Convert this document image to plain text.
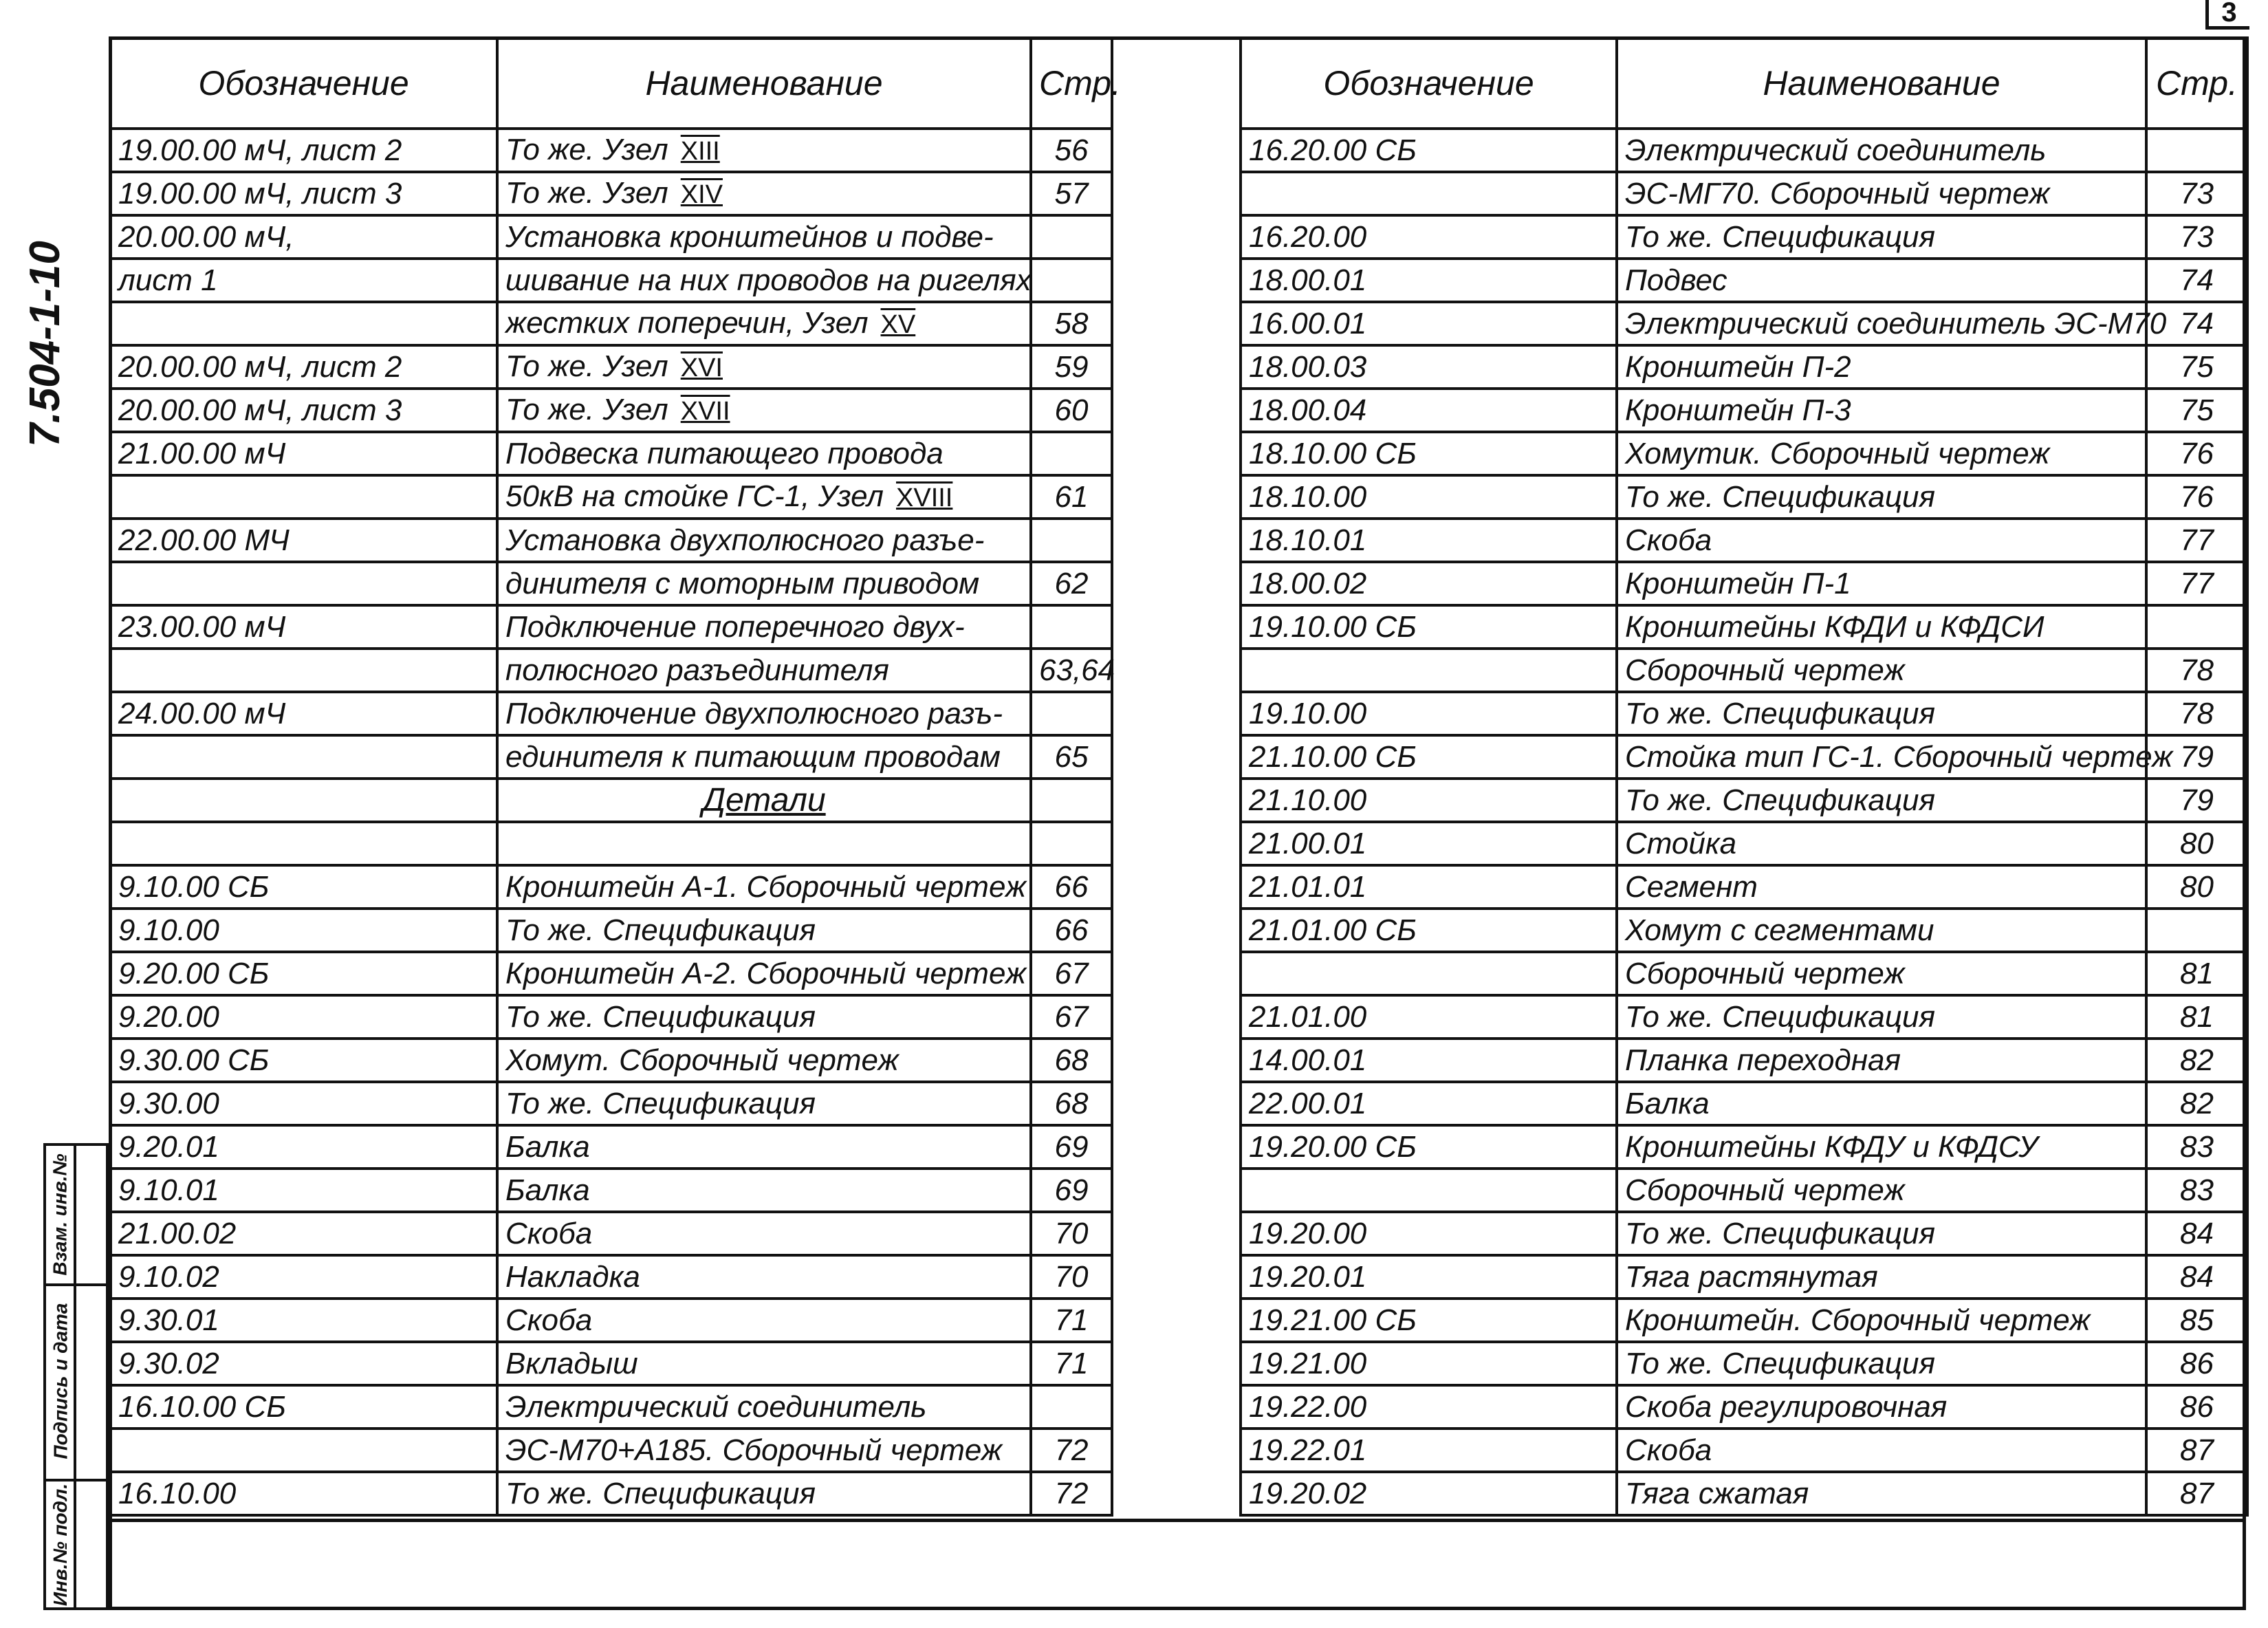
3
7.504-1-10
Взам. инв.№
Подпись и дата
Инв.№ подл.
Обозначение	Наименование	Стр.
19.00.00 мЧ, лист 2	То же. Узел XIII	56
19.00.00 мЧ, лист 3	То же. Узел XIV	57
20.00.00 мЧ,	Установка кронштейнов и подве-	
лист 1	шивание на них проводов на ригелях	
	жестких поперечин, Узел XV	58
20.00.00 мЧ, лист 2	То же. Узел XVI	59
20.00.00 мЧ, лист 3	То же. Узел XVII	60
21.00.00 мЧ	Подвеска питающего провода	
	50кВ на стойке ГС-1, Узел XVIII	61
22.00.00 МЧ	Установка двухполюсного разъе-	
	динителя с моторным приводом	62
23.00.00 мЧ	Подключение поперечного двух-	
	полюсного разъединителя	63,64
24.00.00 мЧ	Подключение двухполюсного разъ-	
	единителя к питающим проводам	65

	Детали	

9.10.00 СБ	Кронштейн А-1. Сборочный чертеж	66
9.10.00	То же. Спецификация	66
9.20.00 СБ	Кронштейн А-2. Сборочный чертеж	67
9.20.00	То же. Спецификация	67
9.30.00 СБ	Хомут. Сборочный чертеж	68
9.30.00	То же. Спецификация	68
9.20.01	Балка	69
9.10.01	Балка	69
21.00.02	Скоба	70
9.10.02	Накладка	70
9.30.01	Скоба	71
9.30.02	Вкладыш	71
16.10.00 СБ	Электрический соединитель	
	ЭС-М70+А185. Сборочный чертеж	72
16.10.00	То же. Спецификация	72
Обозначение	Наименование	Стр.
16.20.00 СБ	Электрический соединитель	
	ЭС-МГ70. Сборочный чертеж	73
16.20.00	То же. Спецификация	73
18.00.01	Подвес	74
16.00.01	Электрический соединитель ЭС-М70	74
18.00.03	Кронштейн П-2	75
18.00.04	Кронштейн П-3	75
18.10.00 СБ	Хомутик. Сборочный чертеж	76
18.10.00	То же. Спецификация	76
18.10.01	Скоба	77
18.00.02	Кронштейн П-1	77
19.10.00 СБ	Кронштейны КФДИ и КФДСИ	
	Сборочный чертеж	78
19.10.00	То же. Спецификация	78
21.10.00 СБ	Стойка тип ГС-1. Сборочный чертеж	79
21.10.00	То же. Спецификация	79
21.00.01	Стойка	80
21.01.01	Сегмент	80
21.01.00 СБ	Хомут с сегментами	
	Сборочный чертеж	81
21.01.00	То же. Спецификация	81
14.00.01	Планка переходная	82
22.00.01	Балка	82
19.20.00 СБ	Кронштейны КФДУ и КФДСУ	83
	Сборочный чертеж	83
19.20.00	То же. Спецификация	84
19.20.01	Тяга растянутая	84
19.21.00 СБ	Кронштейн. Сборочный чертеж	85
19.21.00	То же. Спецификация	86
19.22.00	Скоба регулировочная	86
19.22.01	Скоба	87
19.20.02	Тяга сжатая	87
